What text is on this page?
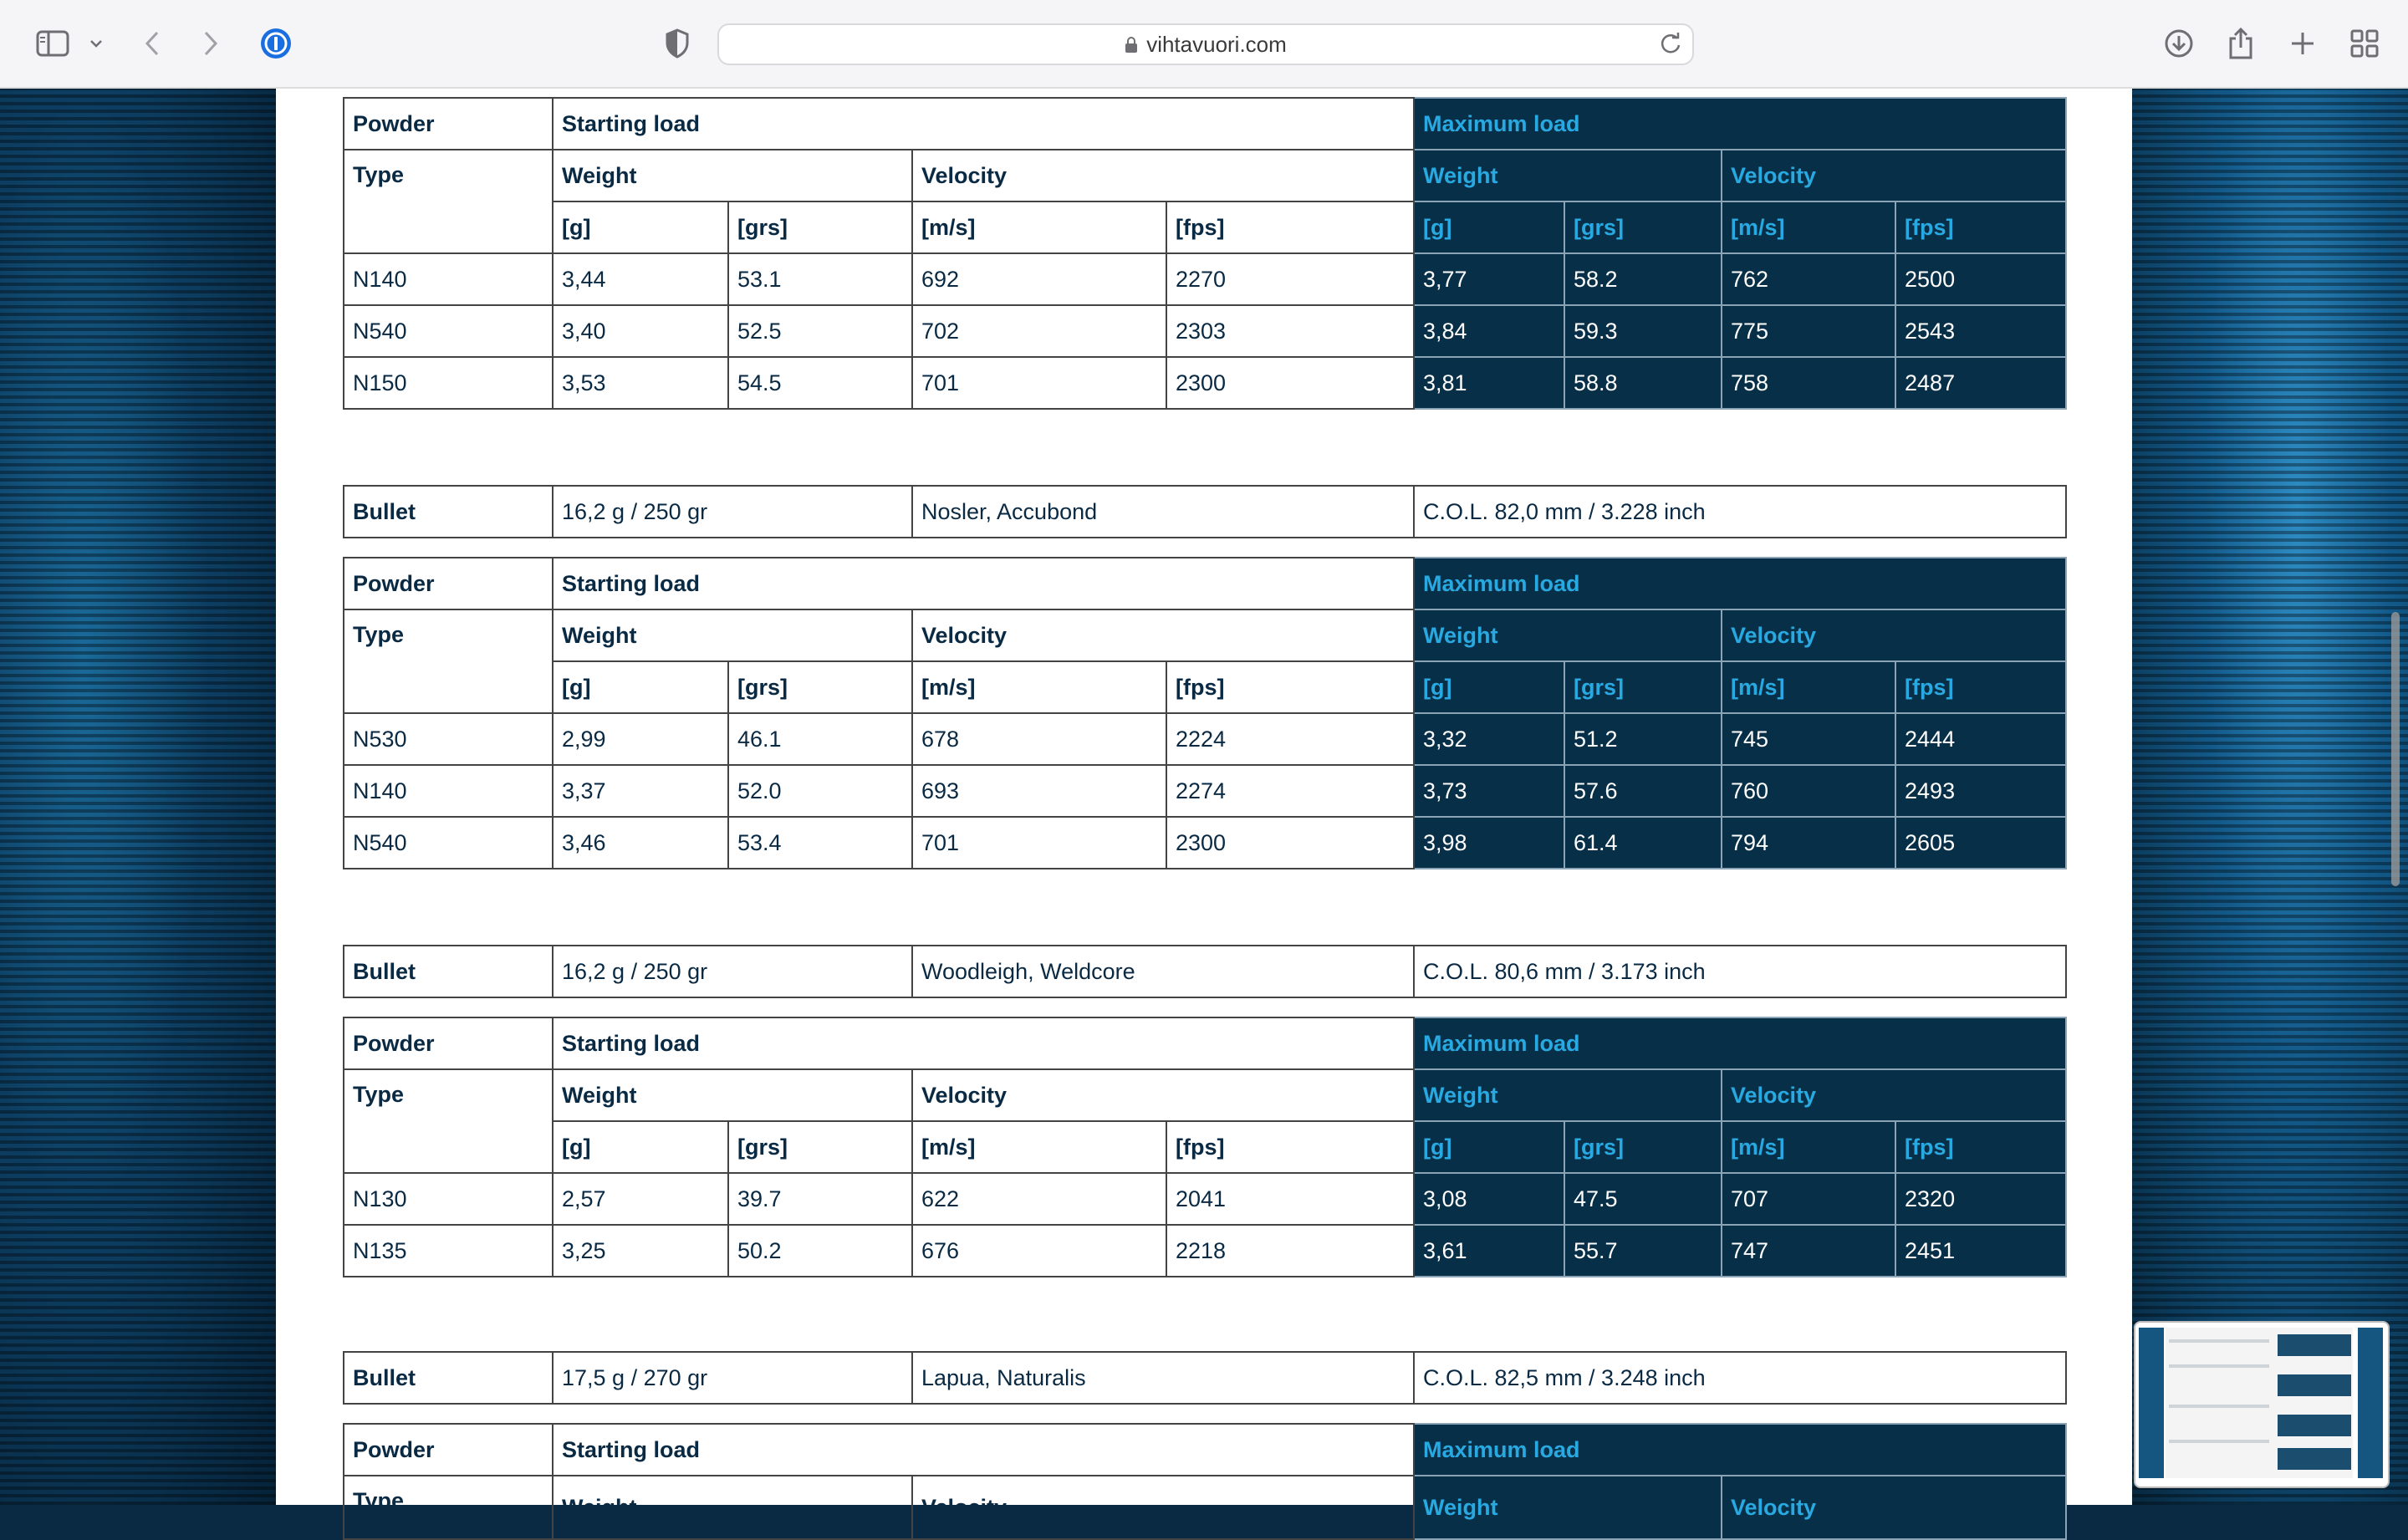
vihtavuori.com
Powder	Starting load				Maximum load			
Type	Weight		Velocity		Weight		Velocity	
	[g]	[grs]	[m/s]	[fps]	[g]	[grs]	[m/s]	[fps]
N140	3,44	53.1	692	2270	3,77	58.2	762	2500
N540	3,40	52.5	702	2303	3,84	59.3	775	2543
N150	3,53	54.5	701	2300	3,81	58.8	758	2487
Bullet	16,2 g / 250 gr	Nosler, Accubond	C.O.L. 82,0 mm / 3.228 inch
Powder	Starting load				Maximum load			
Type	Weight		Velocity		Weight		Velocity	
	[g]	[grs]	[m/s]	[fps]	[g]	[grs]	[m/s]	[fps]
N530	2,99	46.1	678	2224	3,32	51.2	745	2444
N140	3,37	52.0	693	2274	3,73	57.6	760	2493
N540	3,46	53.4	701	2300	3,98	61.4	794	2605
Bullet	16,2 g / 250 gr	Woodleigh, Weldcore	C.O.L. 80,6 mm / 3.173 inch
Powder	Starting load				Maximum load			
Type	Weight		Velocity		Weight		Velocity	
	[g]	[grs]	[m/s]	[fps]	[g]	[grs]	[m/s]	[fps]
N130	2,57	39.7	622	2041	3,08	47.5	707	2320
N135	3,25	50.2	676	2218	3,61	55.7	747	2451
Bullet	17,5 g / 270 gr	Lapua, Naturalis	C.O.L. 82,5 mm / 3.248 inch
Powder	Starting load		Maximum load	
Type	Weight	Velocity	Weight	Velocity
